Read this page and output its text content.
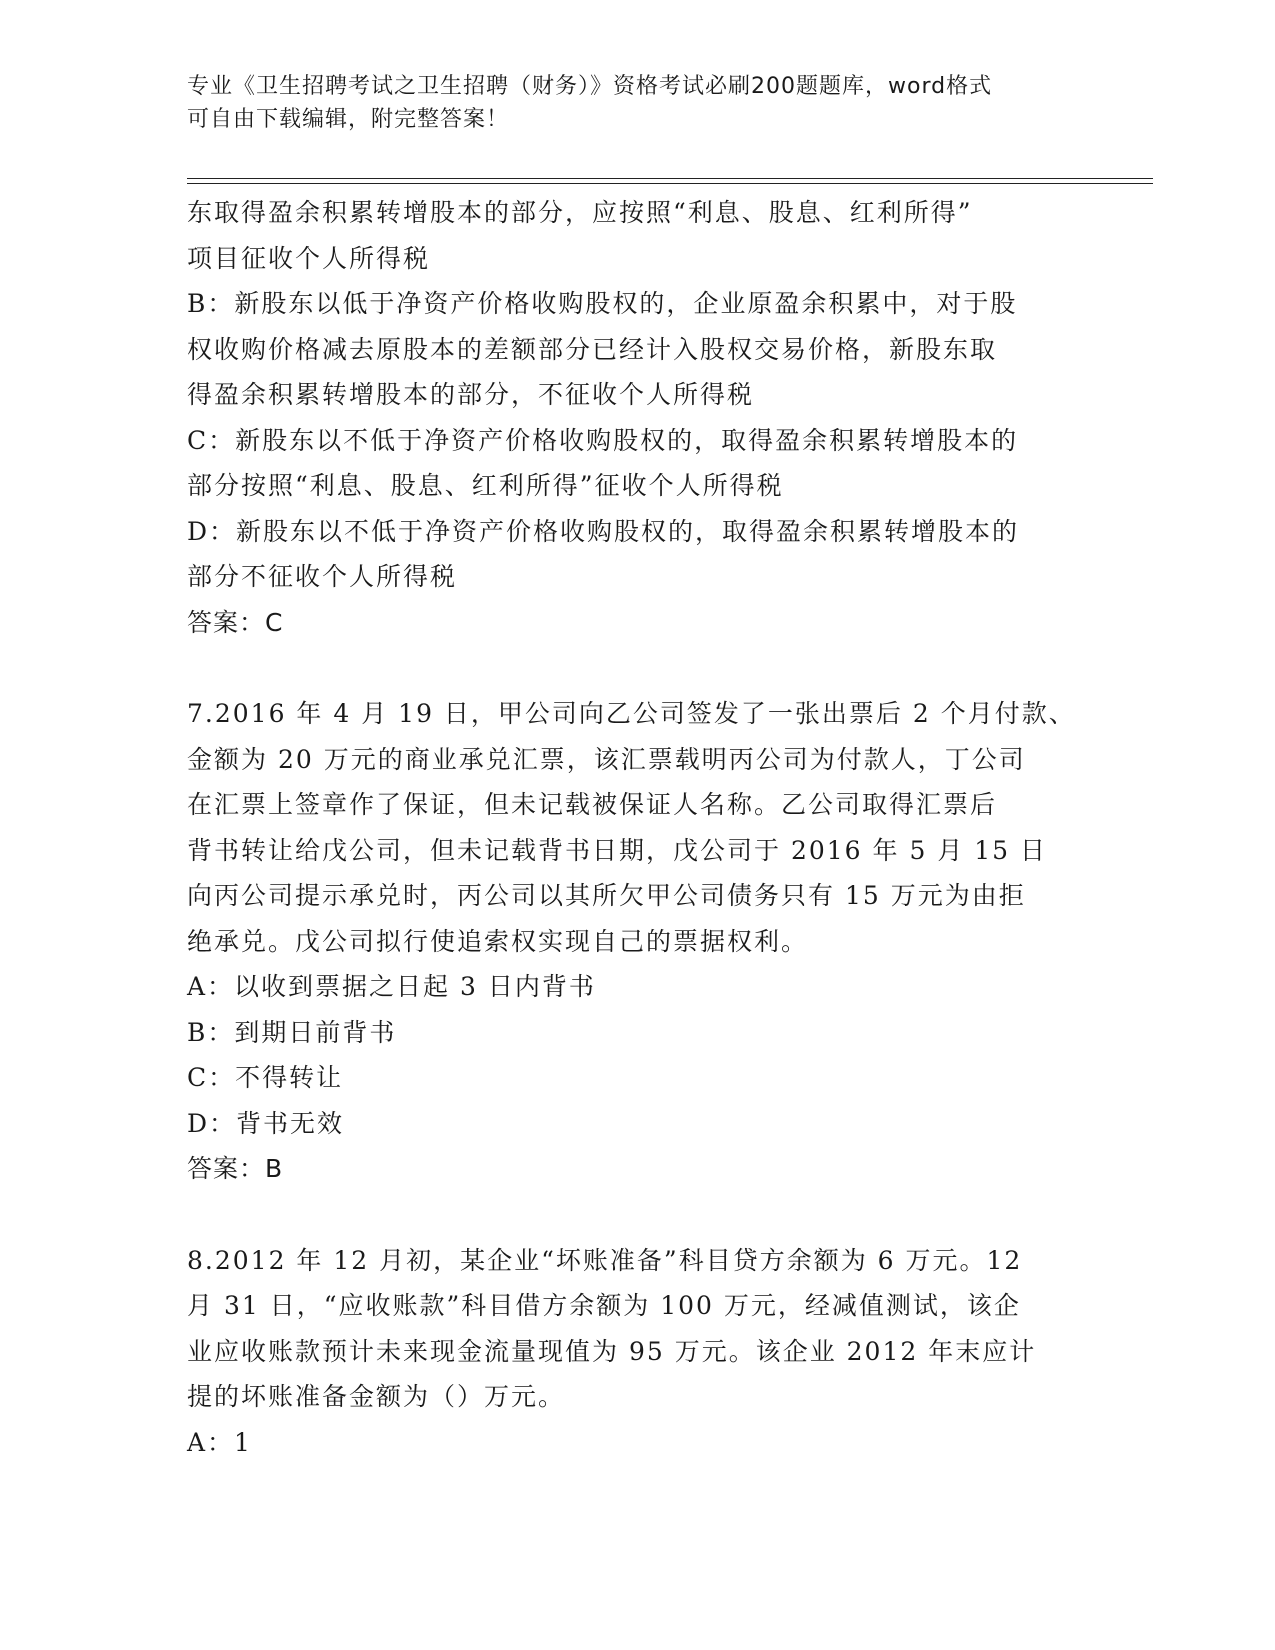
专业《卫生招聘考试之卫生招聘（财务）》资格考试必刷200题题库，word格式
可自由下载编辑，附完整答案！
东取得盈余积累转增股本的部分，应按照“利息、股息、红利所得”
项目征收个人所得税
B：新股东以低于净资产价格收购股权的，企业原盈余积累中，对于股
权收购价格减去原股本的差额部分已经计入股权交易价格，新股东取
得盈余积累转增股本的部分，不征收个人所得税
C：新股东以不低于净资产价格收购股权的，取得盈余积累转增股本的
部分按照“利息、股息、红利所得”征收个人所得税
D：新股东以不低于净资产价格收购股权的，取得盈余积累转增股本的
部分不征收个人所得税
答案：C
7.2016 年 4 月 19 日，甲公司向乙公司签发了一张出票后 2 个月付款、
金额为 20 万元的商业承兑汇票，该汇票载明丙公司为付款人，丁公司
在汇票上签章作了保证，但未记载被保证人名称。乙公司取得汇票后
背书转让给戊公司，但未记载背书日期，戊公司于 2016 年 5 月 15 日
向丙公司提示承兑时，丙公司以其所欠甲公司债务只有 15 万元为由拒
绝承兑。戊公司拟行使追索权实现自己的票据权利。
A：以收到票据之日起 3 日内背书
B：到期日前背书
C：不得转让
D：背书无效
答案：B
8.2012 年 12 月初，某企业“坏账准备”科目贷方余额为 6 万元。12
月 31 日，“应收账款”科目借方余额为 100 万元，经减值测试，该企
业应收账款预计未来现金流量现值为 95 万元。该企业 2012 年末应计
提的坏账准备金额为（）万元。
A：1
